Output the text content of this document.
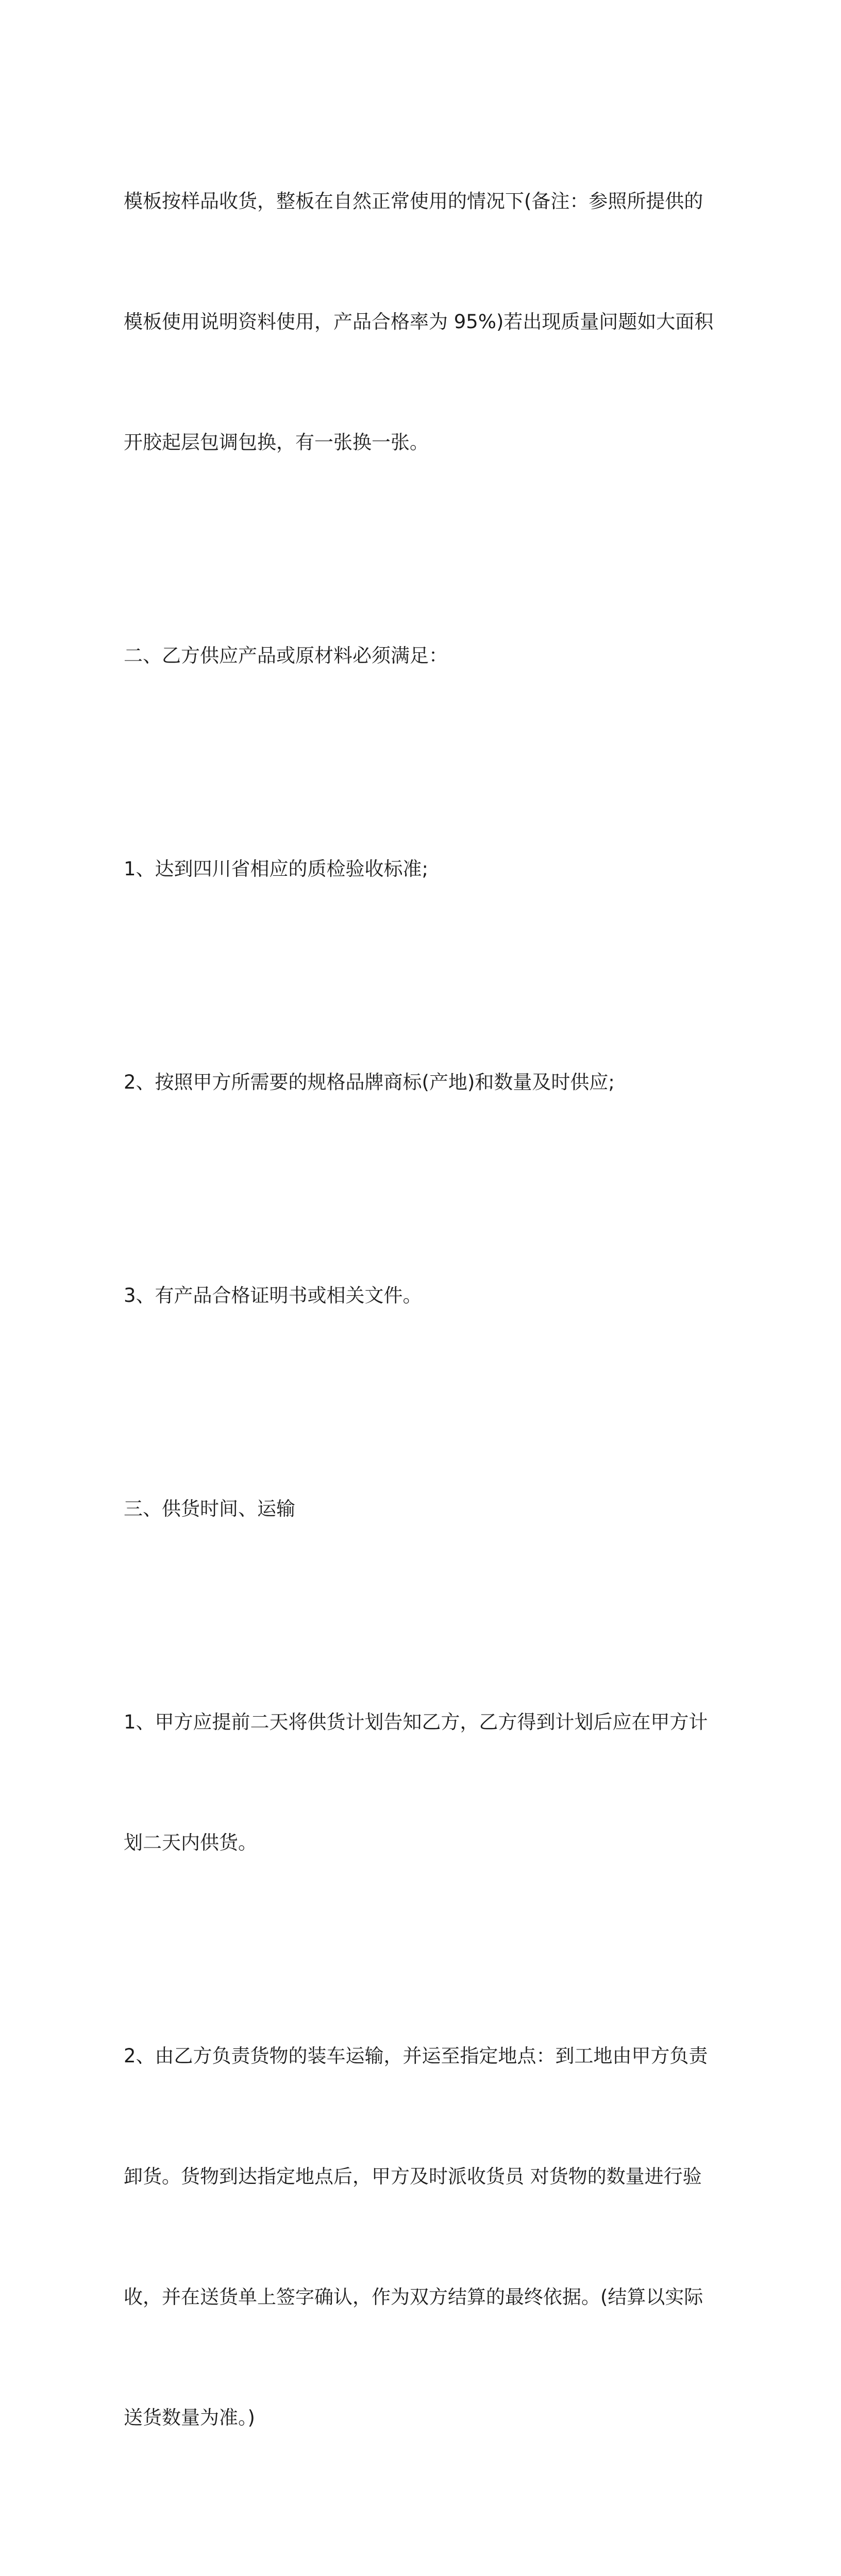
模板按样品收货，整板在自然正常使用的情况下(备注：参照所提供的

模板使用说明资料使用，产品合格率为 95%)若出现质量问题如大面积

开胶起层包调包换，有一张换一张。

二、乙方供应产品或原材料必须满足：

1、达到四川省相应的质检验收标准;

2、按照甲方所需要的规格品牌商标(产地)和数量及时供应;

3、有产品合格证明书或相关文件。

三、供货时间、运输

1、甲方应提前二天将供货计划告知乙方，乙方得到计划后应在甲方计

划二天内供货。

2、由乙方负责货物的装车运输，并运至指定地点：到工地由甲方负责

卸货。货物到达指定地点后，甲方及时派收货员 对货物的数量进行验

收，并在送货单上签字确认，作为双方结算的最终依据。(结算以实际

送货数量为准。)
